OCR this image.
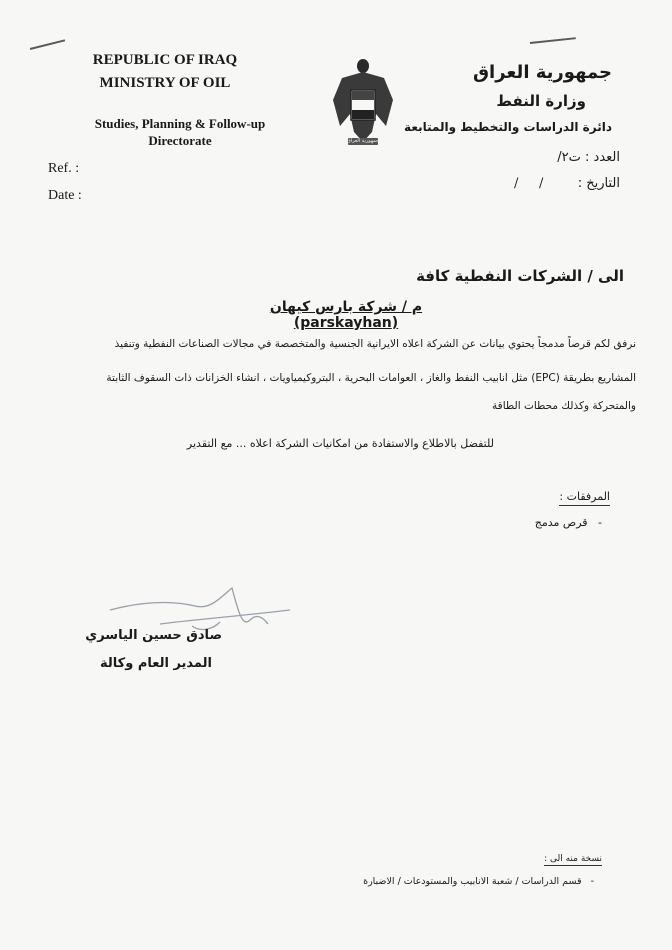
REPUBLIC OF IRAQ
MINISTRY OF OIL
Studies, Planning & Follow-up
Directorate
Ref. :
Date :
جمهورية العراق
جمهورية العراق
وزارة النفط
دائرة الدراسات والتخطيط والمتابعة
العدد : ت٢/
التاريخ :
/     /
الى / الشركات النفطية كافة
م / شركة بارس كيهان (parskayhan)
نرفق لكم قرصاً مدمجاً يحتوي بيانات عن الشركة اعلاه الايرانية الجنسية والمتخصصة في مجالات الصناعات النفطية وتنفيذ
المشاريع بطريقة (EPC) مثل انابيب النفط والغاز ، العوامات البحرية ، البتروكيمياويات ، انشاء الخزانات ذات السقوف الثابتة
والمتحركة وكذلك محطات الطاقة
للتفضل بالاطلاع والاستفادة من امكانيات الشركة اعلاه ... مع التقدير
المرفقات :
-   قرص مدمج
صادق حسين الياسري
المدير العام وكالة
نسخة منه الى :
-   قسم الدراسات / شعبة الانابيب والمستودعات / الاضبارة
